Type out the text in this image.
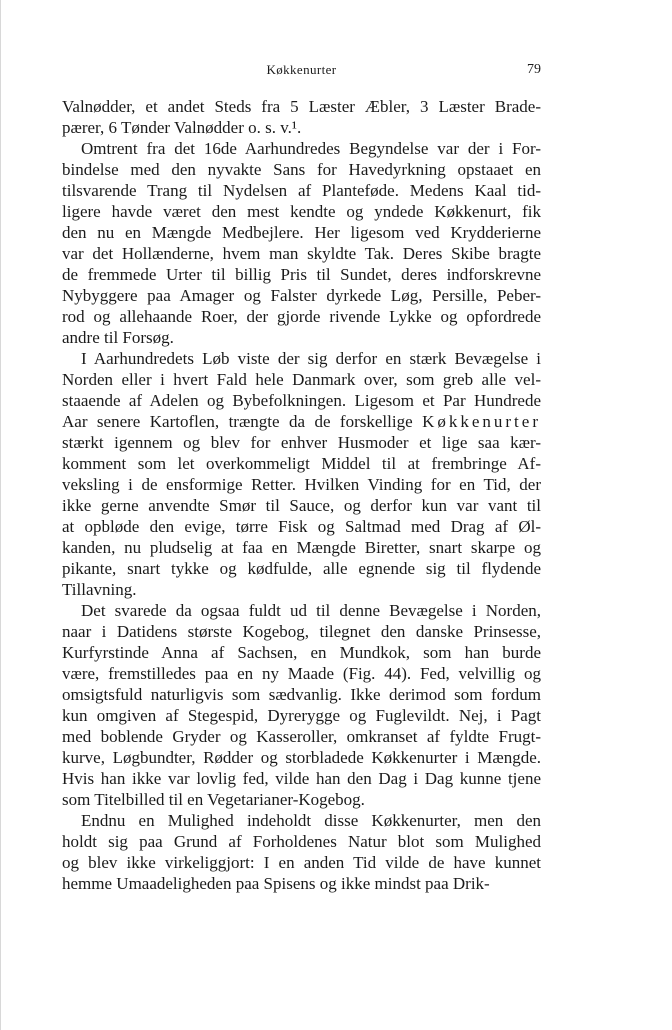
Køkkenurter	79
Valnødder, et andet Steds fra 5 Læster Æbler, 3 Læster Brade-
pærer, 6 Tønder Valnødder o. s. v.¹.
Omtrent fra det 16de Aarhundredes Begyndelse var der i For-
bindelse med den nyvakte Sans for Havedyrkning opstaaet en
tilsvarende Trang til Nydelsen af Planteføde. Medens Kaal tid-
ligere havde været den mest kendte og yndede Køkkenurt, fik
den nu en Mængde Medbejlere. Her ligesom ved Krydderierne
var det Hollænderne, hvem man skyldte Tak. Deres Skibe bragte
de fremmede Urter til billig Pris til Sundet, deres indforskrevne
Nybyggere paa Amager og Falster dyrkede Løg, Persille, Peber-
rod og allehaande Roer, der gjorde rivende Lykke og opfordrede
andre til Forsøg.
I Aarhundredets Løb viste der sig derfor en stærk Bevægelse i
Norden eller i hvert Fald hele Danmark over, som greb alle vel-
staaende af Adelen og Bybefolkningen. Ligesom et Par Hundrede
Aar senere Kartoflen, trængte da de forskellige Køkkenurter
stærkt igennem og blev for enhver Husmoder et lige saa kær-
komment som let overkommeligt Middel til at frembringe Af-
veksling i de ensformige Retter. Hvilken Vinding for en Tid, der
ikke gerne anvendte Smør til Sauce, og derfor kun var vant til
at opbløde den evige, tørre Fisk og Saltmad med Drag af Øl-
kanden, nu pludselig at faa en Mængde Biretter, snart skarpe og
pikante, snart tykke og kødfulde, alle egnende sig til flydende
Tillavning.
Det svarede da ogsaa fuldt ud til denne Bevægelse i Norden,
naar i Datidens største Kogebog, tilegnet den danske Prinsesse,
Kurfyrstinde Anna af Sachsen, en Mundkok, som han burde
være, fremstilledes paa en ny Maade (Fig. 44). Fed, velvillig og
omsigtsfuld naturligvis som sædvanlig. Ikke derimod som fordum
kun omgiven af Stegespid, Dyrerygge og Fuglevildt. Nej, i Pagt
med boblende Gryder og Kasseroller, omkranset af fyldte Frugt-
kurve, Løgbundter, Rødder og storbladede Køkkenurter i Mængde.
Hvis han ikke var lovlig fed, vilde han den Dag i Dag kunne tjene
som Titelbilled til en Vegetarianer-Kogebog.
Endnu en Mulighed indeholdt disse Køkkenurter, men den
holdt sig paa Grund af Forholdenes Natur blot som Mulighed
og blev ikke virkeliggjort: I en anden Tid vilde de have kunnet
hemme Umaadeligheden paa Spisens og ikke mindst paa Drik-
